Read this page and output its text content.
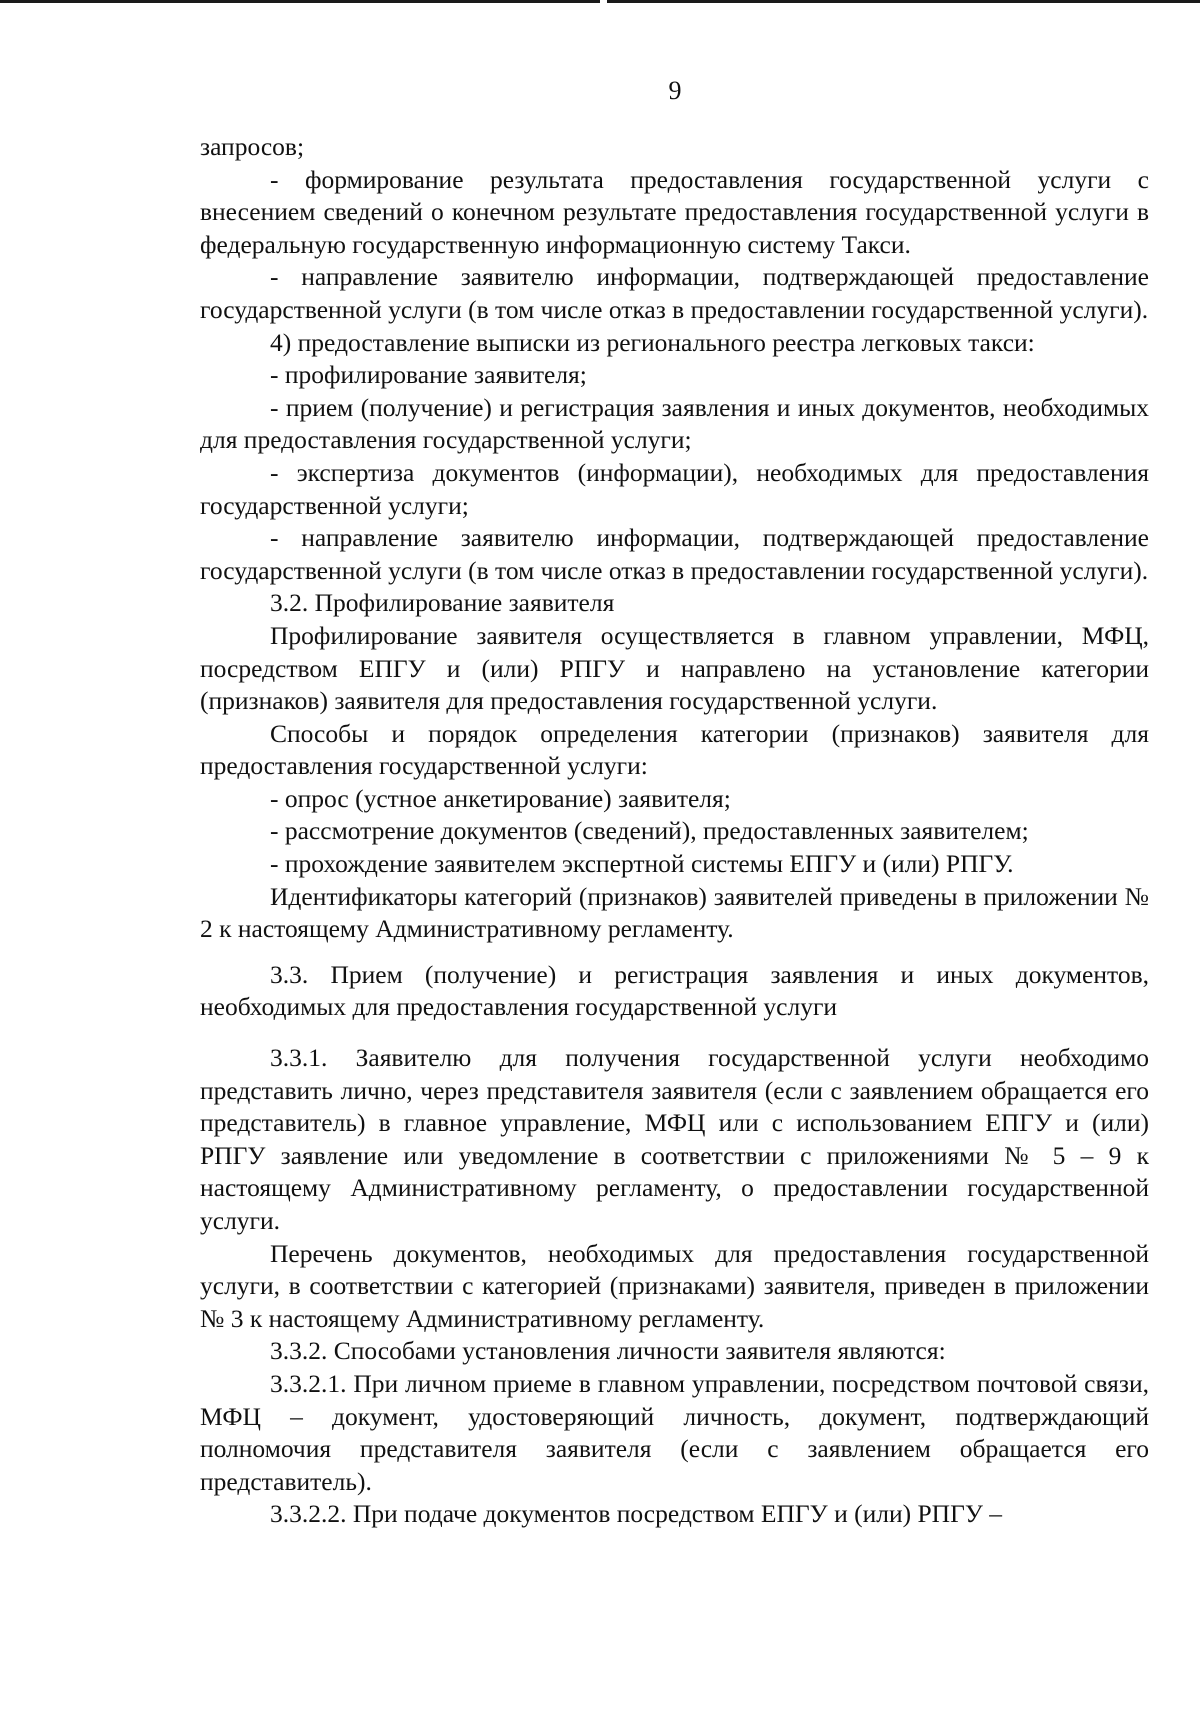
9

запросов;

- формирование результата предоставления государственной услуги с внесением сведений о конечном результате предоставления государственной услуги в федеральную государственную информационную систему Такси.

- направление заявителю информации, подтверждающей предоставление государственной услуги (в том числе отказ в предоставлении государственной услуги).

4) предоставление выписки из регионального реестра легковых такси:

- профилирование заявителя;

- прием (получение) и регистрация заявления и иных документов, необходимых для предоставления государственной услуги;

- экспертиза документов (информации), необходимых для предоставления государственной услуги;

- направление заявителю информации, подтверждающей предоставление государственной услуги (в том числе отказ в предоставлении государственной услуги).

3.2. Профилирование заявителя

Профилирование заявителя осуществляется в главном управлении, МФЦ, посредством ЕПГУ и (или) РПГУ и направлено на установление категории (признаков) заявителя для предоставления государственной услуги.

Способы и порядок определения категории (признаков) заявителя для предоставления государственной услуги:

- опрос (устное анкетирование) заявителя;

- рассмотрение документов (сведений), предоставленных заявителем;

- прохождение заявителем экспертной системы ЕПГУ и (или) РПГУ.

Идентификаторы категорий (признаков) заявителей приведены в приложении № 2 к настоящему Административному регламенту.

3.3. Прием (получение) и регистрация заявления и иных документов, необходимых для предоставления государственной услуги

3.3.1. Заявителю для получения государственной услуги необходимо представить лично, через представителя заявителя (если с заявлением обращается его представитель) в главное управление, МФЦ или с использованием ЕПГУ и (или) РПГУ заявление или уведомление в соответствии с приложениями № 5 – 9 к настоящему Административному регламенту, о предоставлении государственной услуги.

Перечень документов, необходимых для предоставления государственной услуги, в соответствии с категорией (признаками) заявителя, приведен в приложении № 3 к настоящему Административному регламенту.

3.3.2. Способами установления личности заявителя являются:

3.3.2.1. При личном приеме в главном управлении, посредством почтовой связи, МФЦ – документ, удостоверяющий личность, документ, подтверждающий полномочия представителя заявителя (если с заявлением обращается его представитель).

3.3.2.2. При подаче документов посредством ЕПГУ и (или) РПГУ –
